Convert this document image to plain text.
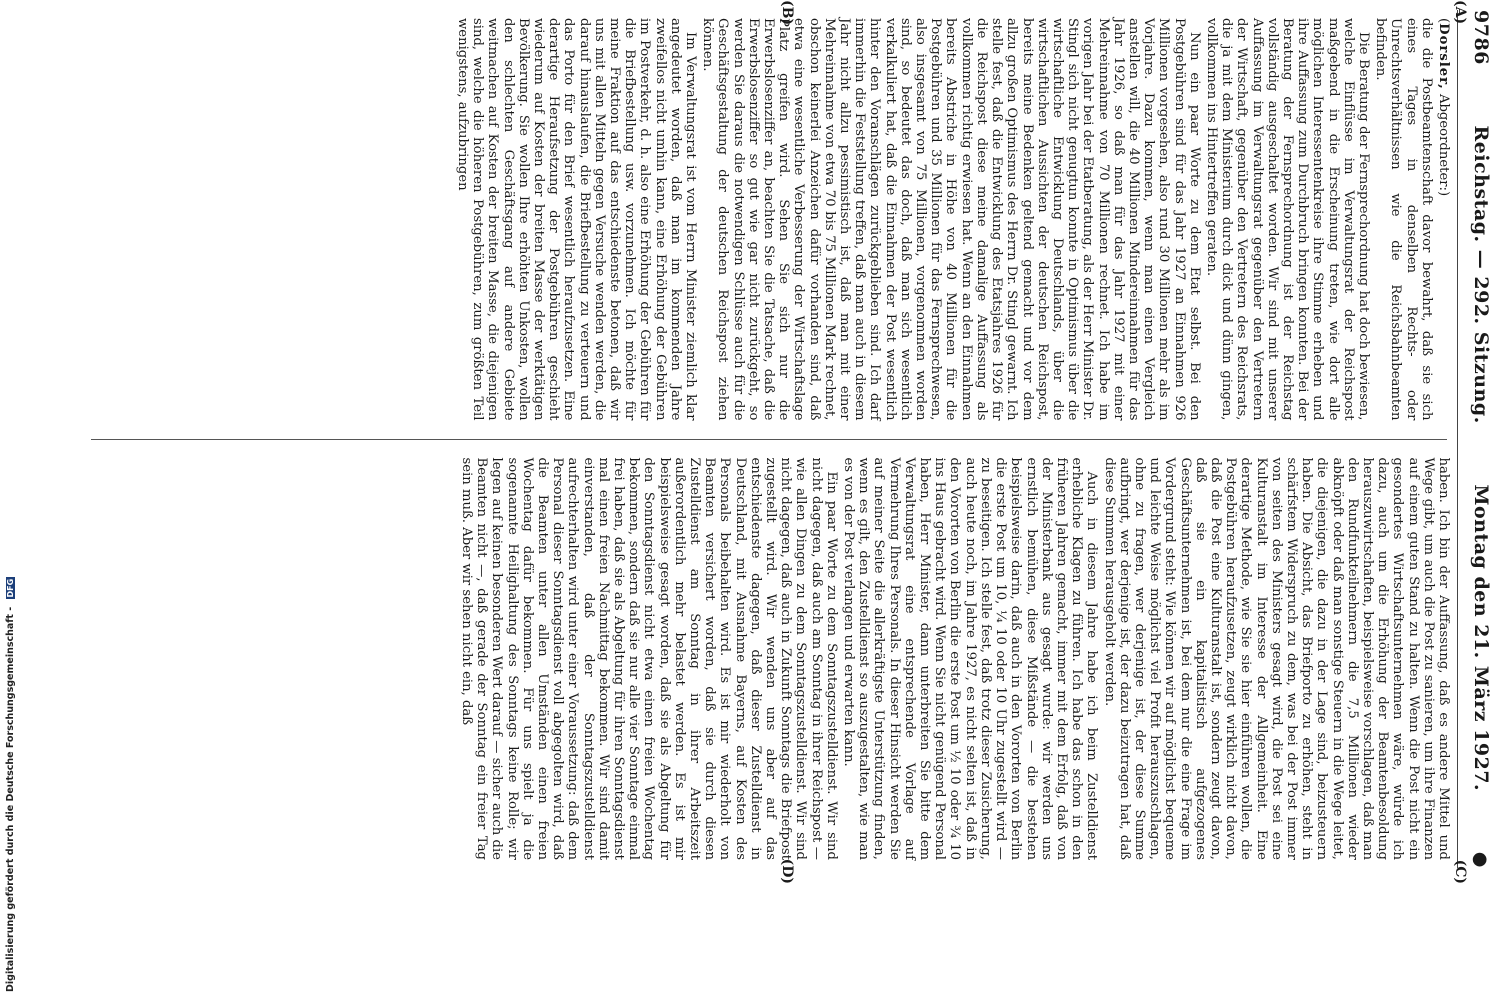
9786
Reichstag. — 292. Sitzung.
Montag den 21. März 1927.
●

(Dorsler, Abgeordneter:)

die die Postbeamtenschaft davor bewahrt, daß sie sich eines Tages in denselben Rechts- oder Unrechtsverhältnissen wie die Reichsbahnbeamten befinden.

Die Beratung der Fernsprechordnung hat doch bewiesen, welche Einflüsse im Verwaltungsrat der Reichspost maßgebend in die Erscheinung treten, wie dort alle möglichen Interessentenkreise ihre Stimme erheben und ihre Auffassung zum Durchbruch bringen konnten. Bei der Beratung der Fernsprechordnung ist der Reichstag vollständig ausgeschaltet worden. Wir sind mit unserer Auffassung im Verwaltungsrat gegenüber den Vertretern der Wirtschaft, gegenüber den Vertretern des Reichsrats, die ja mit dem Ministerium durch dick und dünn gingen, vollkommen ins Hintertreffen geraten.

Nun ein paar Worte zu dem Etat selbst. Bei den Postgebühren sind für das Jahr 1927 an Einnahmen 926 Millionen vorgesehen, also rund 30 Millionen mehr als im Vorjahre. Dazu kommen, wenn man einen Vergleich anstellen will, die 40 Millionen Mindereinnahmen für das Jahr 1926, so daß man für das Jahr 1927 mit einer Mehreinnahme von 70 Millionen rechnet. Ich habe im vorigen Jahr bei der Etatberatung, als der Herr Minister Dr. Stingl sich nicht genugtun konnte in Optimismus über die wirtschaftliche Entwicklung Deutschlands, über die wirtschaftlichen Aussichten der deutschen Reichspost, bereits meine Bedenken geltend gemacht und vor dem allzu großen Optimismus des Herrn Dr. Stingl gewarnt. Ich stelle fest, daß die Entwicklung des Etatsjahres 1926 für die Reichspost diese meine damalige Auffassung als vollkommen richtig erwiesen hat. Wenn an den Einnahmen bereits Abstriche in Höhe von 40 Millionen für die Postgebühren und 35 Millionen für das Fernsprechwesen, also insgesamt von 75 Millionen, vorgenommen worden sind, so bedeutet das doch, daß man sich wesentlich verkalkuliert hat, daß die Einnahmen der Post wesentlich hinter den Voranschlägen zurückgeblieben sind. Ich darf immerhin die Feststellung treffen, daß man auch in diesem Jahr nicht allzu pessimistisch ist, daß man mit einer Mehreinnahme von etwa 70 bis 75 Millionen Mark rechnet, obschon keinerlei Anzeichen dafür vorhanden sind, daß etwa eine wesentliche Verbesserung der Wirtschaftslage Platz greifen wird. Sehen Sie sich nur die Erwerbslosenziffer an, beachten Sie die Tatsache, daß die Erwerbslosenziffer so gut wie gar nicht zurückgeht, so werden Sie daraus die notwendigen Schlüsse auch für die Geschäftsgestaltung der deutschen Reichspost ziehen können.

Im Verwaltungsrat ist vom Herrn Minister ziemlich klar angedeutet worden, daß man im kommenden Jahre zweifellos nicht umhin kann, eine Erhöhung der Gebühren im Postverkehr, d. h. also eine Erhöhung der Gebühren für die Briefbestellung usw. vorzunehmen. Ich möchte für meine Fraktion auf das entschiedenste betonen, daß wir uns mit allen Mitteln gegen Versuche wenden werden, die darauf hinauslaufen, die Briefbestellung zu verteuern und das Porto für den Brief wesentlich heraufzusetzen. Eine derartige Heraufsetzung der Postgebühren geschieht wiederum auf Kosten der breiten Masse der werktätigen Bevölkerung. Sie wollen Ihre erhöhten Unkosten, wollen den schlechten Geschäftsgang auf andere Gebiete weitmachen auf Kosten der breiten Masse, die diejenigen sind, welche die höheren Postgebühren, zum größten Teil wenigstens, aufzubringen

haben. Ich bin der Auffassung, daß es andere Mittel und Wege gibt, um auch die Post zu sanieren, um ihre Finanzen auf einem guten Stand zu halten. Wenn die Post nicht ein gesondertes Wirtschaftsunternehmen wäre, würde ich dazu, auch um die Erhöhung der Beamtenbesoldung herauszuwirtschaften, beispielsweise vorschlagen, daß man den Rundfunkteilnehmern die 7,5 Millionen wieder abknöpft oder daß man sonstige Steuern in die Wege leitet, die diejenigen, die dazu in der Lage sind, beizusteuern haben. Die Absicht, das Briefporto zu erhöhen, steht in schärfstem Widerspruch zu dem, was bei der Post immer von seiten des Ministers gesagt wird, die Post sei eine Kulturanstalt im Interesse der Allgemeinheit. Eine derartige Methode, wie Sie sie hier einführen wollen, die Postgebühren heraufzusetzen, zeugt wirklich nicht davon, daß die Post eine Kulturanstalt ist, sondern zeugt davon, daß sie ein kapitalistisch aufgezogenes Geschäftsunternehmen ist, bei dem nur die eine Frage im Vordergrund steht: Wie können wir auf möglichst bequeme und leichte Weise möglichst viel Profit herauszuschlagen, ohne zu fragen, wer derjenige ist, der diese Summe aufbringt, wer derjenige ist, der dazu beizutragen hat, daß diese Summen herausgeholt werden.

Auch in diesem Jahre habe ich beim Zustelldienst erhebliche Klagen zu führen. Ich habe das schon in den früheren Jahren gemacht, immer mit dem Erfolg, daß von der Ministerbank aus gesagt wurde: wir werden uns ernstlich bemühen, diese Mißstände — die bestehen beispielsweise darin, daß auch in den Vororten von Berlin die erste Post um 10, ¼ 10 oder 10 Uhr zugestellt wird — zu beseitigen. Ich stelle fest, daß trotz dieser Zusicherung, auch heute noch, im Jahre 1927, es nicht selten ist, daß in den Vororten von Berlin die erste Post um ½ 10 oder ¾ 10 ins Haus gebracht wird. Wenn Sie nicht genügend Personal haben, Herr Minister, dann unterbreiten Sie bitte dem Verwaltungsrat eine entsprechende Vorlage auf Vermehrung Ihres Personals. In dieser Hinsicht werden Sie auf meiner Seite die allerkräftigste Unterstützung finden, wenn es gilt, den Zustelldienst so auszugestalten, wie man es von der Post verlangen und erwarten kann.

Ein paar Worte zu dem Sonntagszustelldienst. Wir sind nicht dagegen, daß auch am Sonntag in ihrer Reichspost — wie allen Dingen zu dem Sonntagszustelldienst. Wir sind nicht dagegen, daß auch in Zukunft Sonntags die Briefpost zugestellt wird. Wir wenden uns aber auf das entschiedenste dagegen, daß dieser Zustelldienst in Deutschland, mit Ausnahme Bayerns, auf Kosten des Personals beibehalten wird. Es ist mir wiederholt von Beamten versichert worden, daß sie durch diesen Zustelldienst am Sonntag in ihrer Arbeitszeit außerordentlich mehr belastet werden. Es ist mir beispielsweise gesagt worden, daß sie als Abgeltung für den Sonntagsdienst nicht etwa einen freien Wochentag bekommen, sondern daß sie nur alle vier Sonntage einmal frei haben, daß sie als Abgeltung für ihren Sonntagsdienst mal einen freien Nachmittag bekommen. Wir sind damit einverstanden, daß der Sonntagszustelldienst aufrechterhalten wird unter einer Voraussetzung: daß dem Personal dieser Sonntagsdienst voll abgegolten wird, daß die Beamten unter allen Umständen einen freien Wochentag dafür bekommen. Für uns spielt ja die sogenannte Heilighaltung des Sonntags keine Rolle; wir legen auf keinen besonderen Wert darauf — sicher auch die Beamten nicht —, daß gerade der Sonntag ein freier Tag sein muß. Aber wir sehen nicht ein, daß

(A)
(B)
(C)
(D)
Digitalisierung gefördert durch die Deutsche Forschungsgemeinschaft - DFG
